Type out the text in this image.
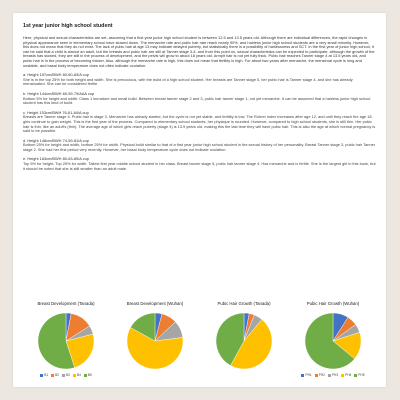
1st year junior high school student
Here, physical and sexual characteristics are set, assuming that a first year junior high school student is between 12.5 and 13.5 years old. Although there are individual differences, the rapid changes in physical appearance seen in elementary school have slowed down. The menarche rate and pubic hair rate reach nearly 90%, and hairless junior high school students are a very small minority. However, this does not mean that they do not exist. The lack of pubic hair at age 13 may indicate delayed puberty, but statistically there is a possibility of hairlessness and SCT. In the first year of junior high school, it can be said that a child is almost an adult, but the breasts and pubic hair are still at Tanner stage 3-4, and from this point on, sexual characteristics can be expected to participate, although the growth of the breasts has slowed, they are still in the process of development, and the pelvis will grow to about 18 years old. Armpit hair is not yet fully thick. Pubic hair reaches Tanner stage 4 at 13.5 years old, and pubic hair is in the process of becoming thicker. Also, although the menarche rate is high, this does not mean that fertility is high. For about two years after menarche, the menstrual cycle is long and unstable, and basal body temperature does not often indicate ovulation.
a. Height 157cm/BWH 80-60-83/A cup
She is in the top 25% for both height and width. She is precocious, with the build of a high school student. Her breasts are Tanner stage 5, her pubic hair is Tanner stage 4, and she has already menstruated. She can be considered fertile.
b. Height 144cm/BWH 69-59-79/AAA cup
Bottom 5% for height and width. Class 1 immature and small build. Between breast tanner stage 2 and 3, pubic hair tanner stage 1, not yet menarche. It can be assumed that a hairless junior high school student has this kind of build.
c. Height 153cm/BWH 76-61-84/A cup
Breasts are Tanner stage 4. Pubic hair is stage 3. Menarche has already started, but the cycle is not yet stable, and fertility is low. The Rohrer index increases after age 12, and until they reach the age 18, girls continue to gain weight. This is the first year of the process. Compared to elementary school students, her physique is rounded. However, compared to high school students, she is still thin. Her pubic hair is thin, like an adult's (thin). The average age of which girls reach puberty (stage 4) is 13.9 years old, making this the last time they will have pubic hair. This is also the age at which normal pregnancy is said to be possible.
d. Height 148cm/BWH 74-59-81/A cup
Bottom 25% for height and width, bottom 25% for width. Physical build similar to that of a first year junior high school student in the sexual history of her personality. Breast Tanner stage 3, pubic hair Tanner stage 2. She had her first period very recently. However, her basal body temperature cycle does not indicate ovulation.
e. Height 163cm/BWH 80-63-89/A cup
Top 5% for height, Top 25% for width. Tallest first year middle school student in her class. Breast tanner stage 5, pubic hair tanner stage 4. Has menarche and is fertile. She is the largest girl in this book, but it should be noted that she is still smaller than an adult male.
Breast Development (Tanada)
B1 B2 B3 B4 B5
Breast Development (Wuhan)	Pubic Hair Growth (Tanada)
PH1 PH2 PH3 PH4 PH5
Pubic Hair Growth (Wuhan)
